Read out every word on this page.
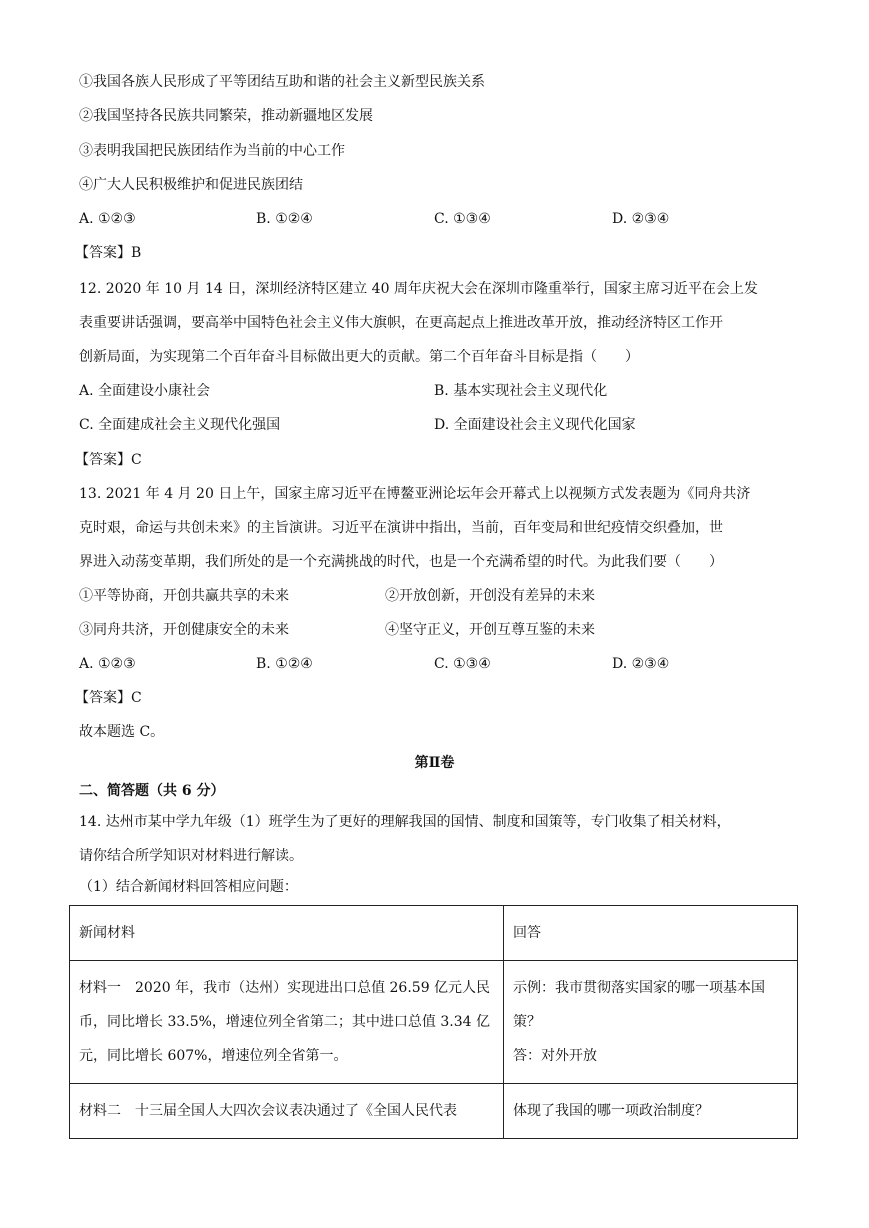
①我国各族人民形成了平等团结互助和谐的社会主义新型民族关系
②我国坚持各民族共同繁荣，推动新疆地区发展
③表明我国把民族团结作为当前的中心工作
④广大人民积极维护和促进民族团结
A. ①②③	B. ①②④	C. ①③④	D. ②③④
【答案】B
12. 2020 年 10 月 14 日，深圳经济特区建立 40 周年庆祝大会在深圳市隆重举行，国家主席习近平在会上发
表重要讲话强调，要高举中国特色社会主义伟大旗帜，在更高起点上推进改革开放，推动经济特区工作开
创新局面，为实现第二个百年奋斗目标做出更大的贡献。第二个百年奋斗目标是指（　　）
A. 全面建设小康社会	B. 基本实现社会主义现代化
C. 全面建成社会主义现代化强国	D. 全面建设社会主义现代化国家
【答案】C
13. 2021 年 4 月 20 日上午，国家主席习近平在博鳌亚洲论坛年会开幕式上以视频方式发表题为《同舟共济
克时艰，命运与共创未来》的主旨演讲。习近平在演讲中指出，当前，百年变局和世纪疫情交织叠加，世
界进入动荡变革期，我们所处的是一个充满挑战的时代，也是一个充满希望的时代。为此我们要（　　）
①平等协商，开创共赢共享的未来	②开放创新，开创没有差异的未来
③同舟共济，开创健康安全的未来	④坚守正义，开创互尊互鉴的未来
A. ①②③	B. ①②④	C. ①③④	D. ②③④
【答案】C
故本题选 C。
第Ⅱ卷
二、简答题（共 6 分）
14. 达州市某中学九年级（1）班学生为了更好的理解我国的国情、制度和国策等，专门收集了相关材料，
请你结合所学知识对材料进行解读。
（1）结合新闻材料回答相应问题：
新闻材料	回答
材料一　2020 年，我市（达州）实现进出口总值 26.59 亿元人民币，同比增长 33.5%，增速位列全省第二；其中进口总值 3.34 亿元，同比增长 607%，增速位列全省第一。	示例：我市贯彻落实国家的哪一项基本国策？

答：对外开放

材料二　十三届全国人大四次会议表决通过了《全国人民代表	体现了我国的哪一项政治制度？
